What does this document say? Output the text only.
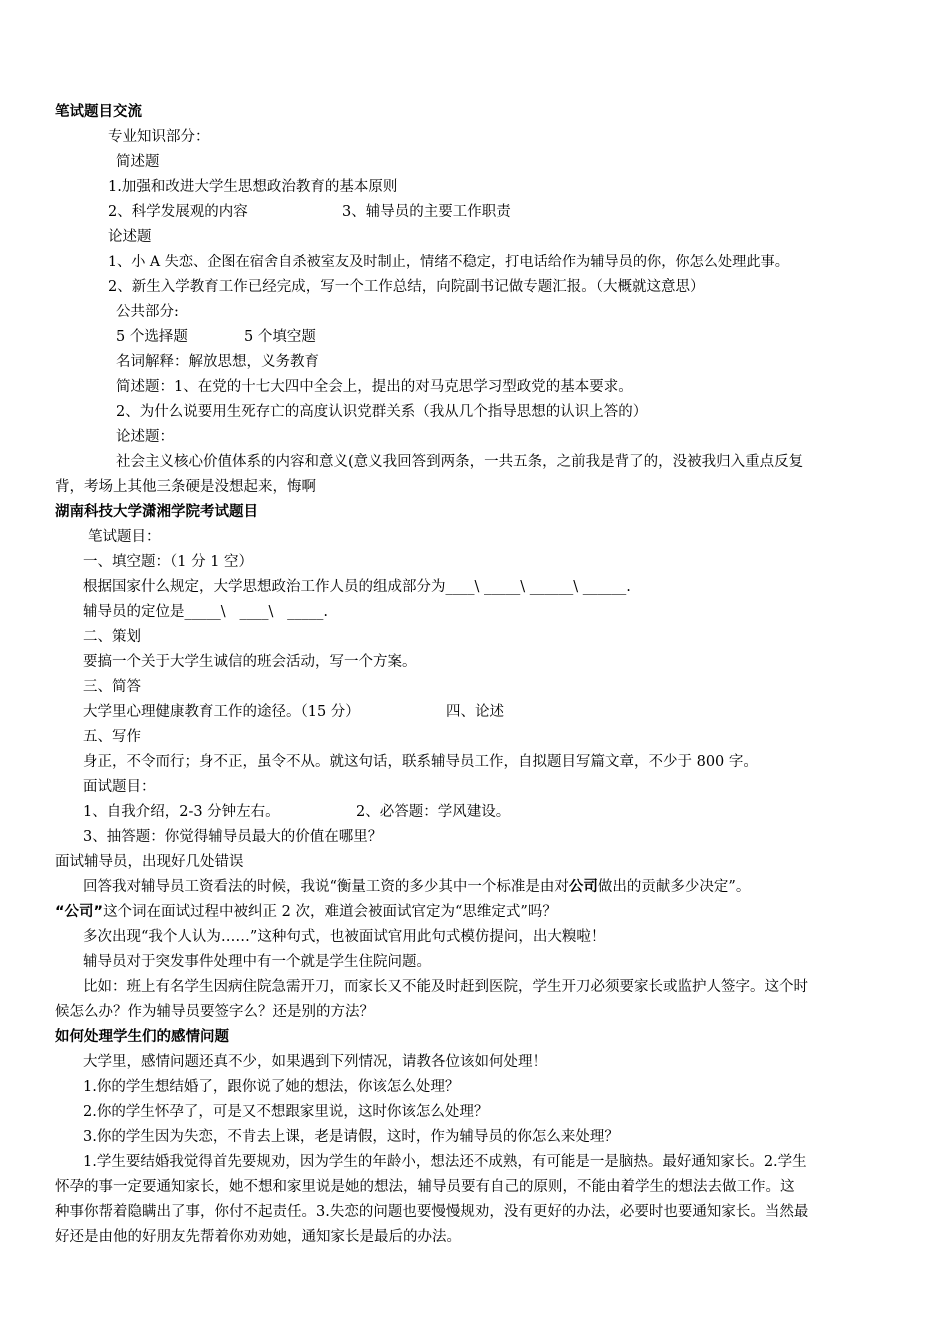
笔试题目交流
专业知识部分：
简述题
1.加强和改进大学生思想政治教育的基本原则
2、科学发展观的内容	3、辅导员的主要工作职责
论述题
1、小 A 失恋、企图在宿舍自杀被室友及时制止，情绪不稳定，打电话给作为辅导员的你，你怎么处理此事。
2、新生入学教育工作已经完成，写一个工作总结，向院副书记做专题汇报。（大概就这意思）
公共部分:
5 个选择题	5 个填空题
名词解释：解放思想，义务教育
简述题：1、在党的十七大四中全会上，提出的对马克思学习型政党的基本要求。
2、为什么说要用生死存亡的高度认识党群关系（我从几个指导思想的认识上答的）
论述题：
社会主义核心价值体系的内容和意义(意义我回答到两条，一共五条，之前我是背了的，没被我归入重点反复
背，考场上其他三条硬是没想起来，悔啊
湖南科技大学潇湘学院考试题目
笔试题目：
一、填空题：（1 分 1 空）
根据国家什么规定，大学思想政治工作人员的组成部分为____\ _____\ ______\ ______.
辅导员的定位是_____\   ____\   _____.
二、策划
要搞一个关于大学生诚信的班会活动，写一个方案。
三、简答
大学里心理健康教育工作的途径。（15 分）	四、论述
五、写作
身正，不令而行；身不正，虽令不从。就这句话，联系辅导员工作，自拟题目写篇文章，不少于 800 字。
面试题目：
1、自我介绍，2-3 分钟左右。	2、必答题：学风建设。
3、抽答题：你觉得辅导员最大的价值在哪里？
面试辅导员，出现好几处错误
回答我对辅导员工资看法的时候，我说“衡量工资的多少其中一个标准是由对公司做出的贡献多少决定”。
“公司”这个词在面试过程中被纠正 2 次，难道会被面试官定为“思维定式”吗？
多次出现“我个人认为……”这种句式，也被面试官用此句式模仿提问，出大糗啦！
辅导员对于突发事件处理中有一个就是学生住院问题。
比如：班上有名学生因病住院急需开刀，而家长又不能及时赶到医院，学生开刀必须要家长或监护人签字。这个时
候怎么办？作为辅导员要签字么？还是别的方法？
如何处理学生们的感情问题
大学里，感情问题还真不少，如果遇到下列情况，请教各位该如何处理！
1.你的学生想结婚了，跟你说了她的想法，你该怎么处理？
2.你的学生怀孕了，可是又不想跟家里说，这时你该怎么处理？
3.你的学生因为失恋，不肯去上课，老是请假，这时，作为辅导员的你怎么来处理？
1.学生要结婚我觉得首先要规劝，因为学生的年龄小，想法还不成熟，有可能是一是脑热。最好通知家长。2.学生
怀孕的事一定要通知家长，她不想和家里说是她的想法，辅导员要有自己的原则，不能由着学生的想法去做工作。这
种事你帮着隐瞒出了事，你付不起责任。3.失恋的问题也要慢慢规劝，没有更好的办法，必要时也要通知家长。当然最
好还是由他的好朋友先帮着你劝劝她，通知家长是最后的办法。
